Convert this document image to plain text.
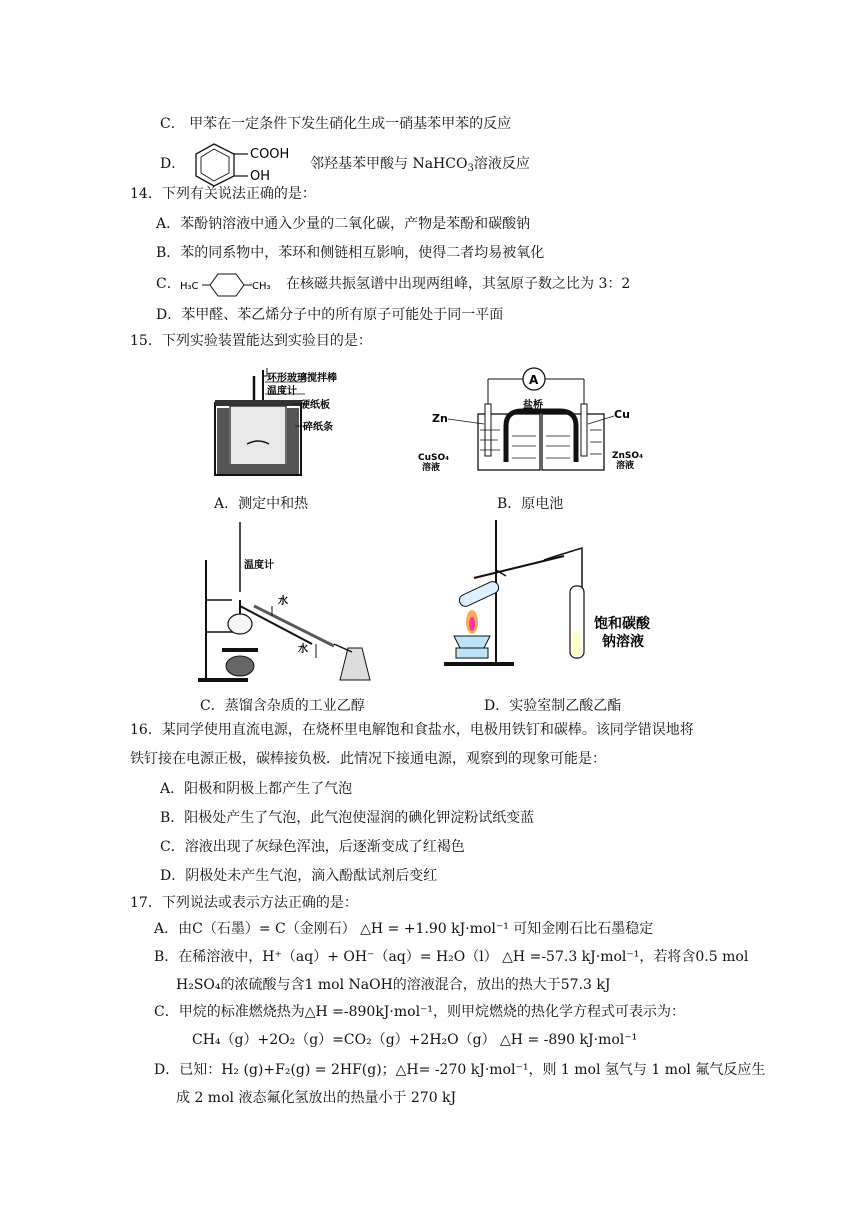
C． 甲苯在一定条件下发生硝化生成一硝基苯甲苯的反应
D．
COOH
OH
邻羟基苯甲酸与 NaHCO$_3$溶液反应
14．下列有关说法正确的是：
A．苯酚钠溶液中通入少量的二氧化碳，产物是苯酚和碳酸钠
B．苯的同系物中，苯环和侧链相互影响，使得二者均易被氧化
C． H₃C	CH₃ 在核磁共振氢谱中出现两组峰，其氢原子数之比为 3：2
D．苯甲醛、苯乙烯分子中的所有原子可能处于同一平面
15．下列实验装置能达到实验目的是：
环形玻璃搅拌棒
温度计
硬纸板
碎纸条
A．测定中和热
A
盐桥
Zn	Cu
CuSO₄
溶液
ZnSO₄
溶液
B．原电池
温度计
水
水
C．蒸馏含杂质的工业乙醇
饱和碳酸
钠溶液
D．实验室制乙酸乙酯
16．某同学使用直流电源，在烧杯里电解饱和食盐水，电极用铁钉和碳棒。该同学错误地将
铁钉接在电源正极，碳棒接负极．此情况下接通电源，观察到的现象可能是：
A．阳极和阴极上都产生了气泡
B．阳极处产生了气泡，此气泡使湿润的碘化钾淀粉试纸变蓝
C．溶液出现了灰绿色浑浊，后逐渐变成了红褐色
D．阴极处未产生气泡，滴入酚酞试剂后变红
17．下列说法或表示方法正确的是：
A．由C（石墨）= C（金刚石） △H = +1.90 kJ·mol⁻¹ 可知金刚石比石墨稳定
B．在稀溶液中，H⁺（aq）+ OH⁻（aq）= H₂O（l） △H =-57.3 kJ·mol⁻¹，若将含0.5 mol
H₂SO₄的浓硫酸与含1 mol NaOH的溶液混合，放出的热大于57.3 kJ
C．甲烷的标准燃烧热为△H =-890kJ·mol⁻¹，则甲烷燃烧的热化学方程式可表示为：
CH₄（g）+2O₂（g）=CO₂（g）+2H₂O（g） △H = -890 kJ·mol⁻¹
D．已知：H₂ (g)+F₂(g) = 2HF(g)；△H= -270 kJ·mol⁻¹，则 1 mol 氢气与 1 mol 氟气反应生
成 2 mol 液态氟化氢放出的热量小于 270 kJ
